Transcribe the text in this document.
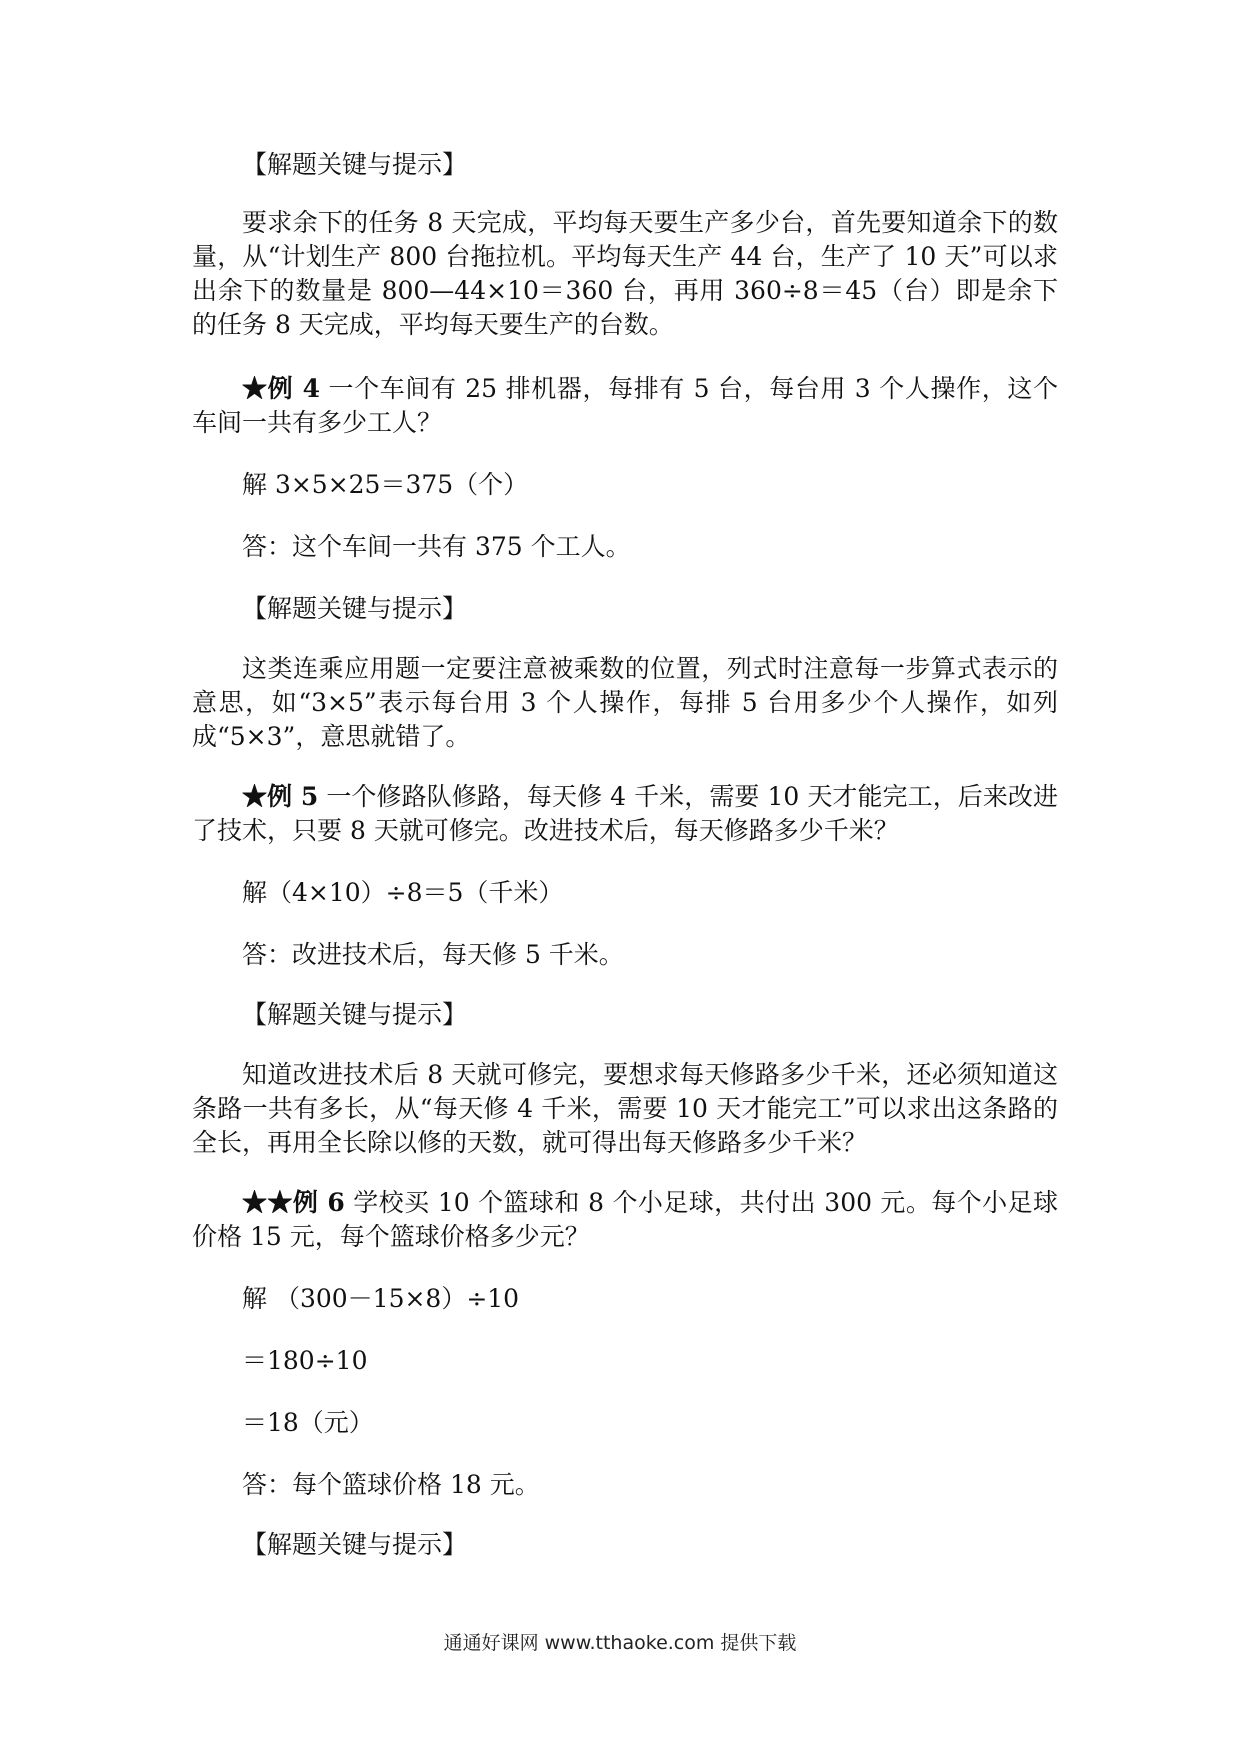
【解题关键与提示】

要求余下的任务 8 天完成，平均每天要生产多少台，首先要知道余下的数量，从“计划生产 800 台拖拉机。平均每天生产 44 台，生产了 10 天”可以求出余下的数量是 800—44×10＝360 台，再用 360÷8＝45（台）即是余下的任务 8 天完成，平均每天要生产的台数。

★例 4 一个车间有 25 排机器，每排有 5 台，每台用 3 个人操作，这个车间一共有多少工人？

解 3×5×25＝375（个）

答：这个车间一共有 375 个工人。

【解题关键与提示】

这类连乘应用题一定要注意被乘数的位置，列式时注意每一步算式表示的意思，如“3×5”表示每台用 3 个人操作，每排 5 台用多少个人操作，如列成“5×3”，意思就错了。

★例 5 一个修路队修路，每天修 4 千米，需要 10 天才能完工，后来改进了技术，只要 8 天就可修完。改进技术后，每天修路多少千米？

解（4×10）÷8＝5（千米）

答：改进技术后，每天修 5 千米。

【解题关键与提示】

知道改进技术后 8 天就可修完，要想求每天修路多少千米，还必须知道这条路一共有多长，从“每天修 4 千米，需要 10 天才能完工”可以求出这条路的全长，再用全长除以修的天数，就可得出每天修路多少千米？

★★例 6 学校买 10 个篮球和 8 个小足球，共付出 300 元。每个小足球价格 15 元，每个篮球价格多少元？

解 （300－15×8）÷10

＝180÷10

＝18（元）

答：每个篮球价格 18 元。

【解题关键与提示】

通通好课网 www.tthaoke.com 提供下载
